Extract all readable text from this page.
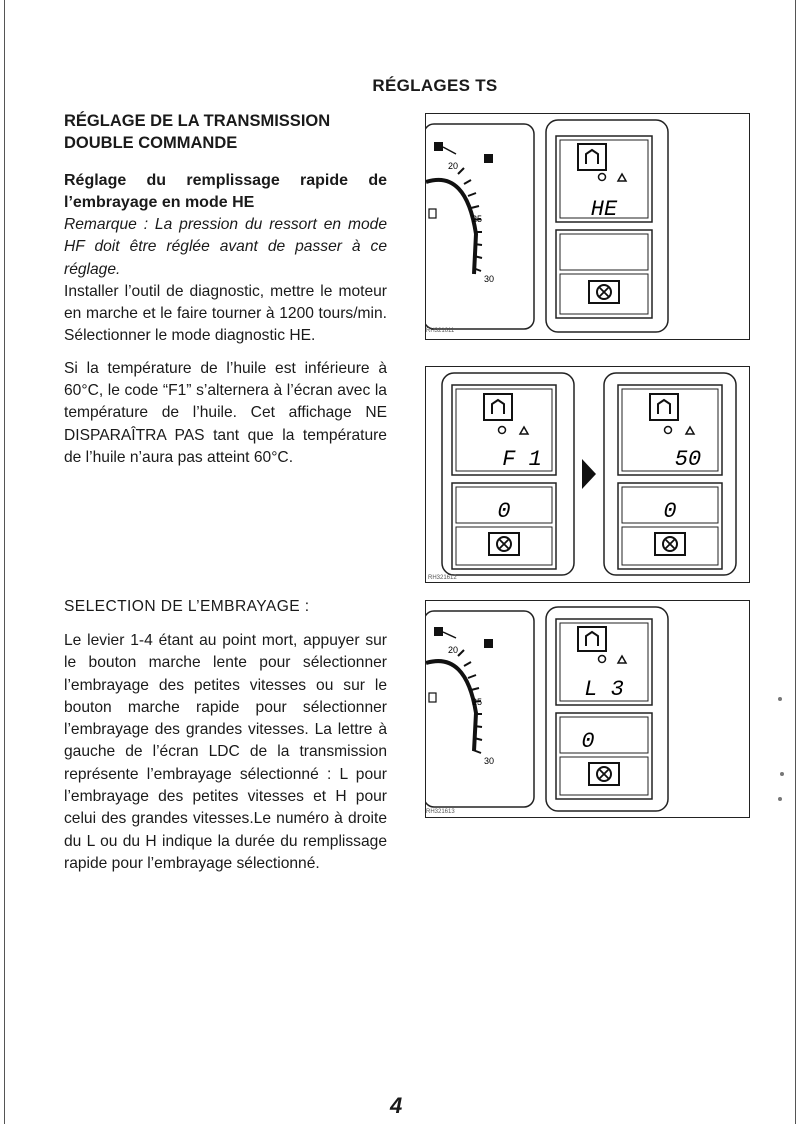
RÉGLAGES TS

RÉGLAGE DE LA TRANSMISSION

DOUBLE COMMANDE

Réglage du remplissage rapide de

l’embrayage en mode HE

Remarque : La pression du ressort en mode HF doit être réglée avant de passer à ce réglage.

Installer l’outil de diagnostic, mettre le moteur en marche et le faire tourner à 1200 tours/min. Sélectionner le mode diagnostic HE.

Si la température de l’huile est inférieure à 60°C, le code “F1” s’alternera à l’écran avec la température de l’huile. Cet affichage NE DISPARAÎTRA PAS tant que la température de l’huile n’aura pas atteint 60°C.

SELECTION DE L’EMBRAYAGE :

Le levier 1-4 étant au point mort, appuyer sur le bouton marche lente pour sélectionner l’embrayage des petites vitesses ou sur le bouton marche rapide pour sélectionner l’embrayage des grandes vitesses. La lettre à gauche de l’écran LDC de la transmission représente l’embrayage sélectionné : L pour l’embrayage des petites vitesses et H pour celui des grandes vitesses.Le numéro à droite du L ou du H indique la durée du remplissage rapide pour l’embrayage sélectionné.

20
25
30
RH321611
HE
F 1
0
50
0
RH321612
20
25
30
RH321613
L 3
0
4
